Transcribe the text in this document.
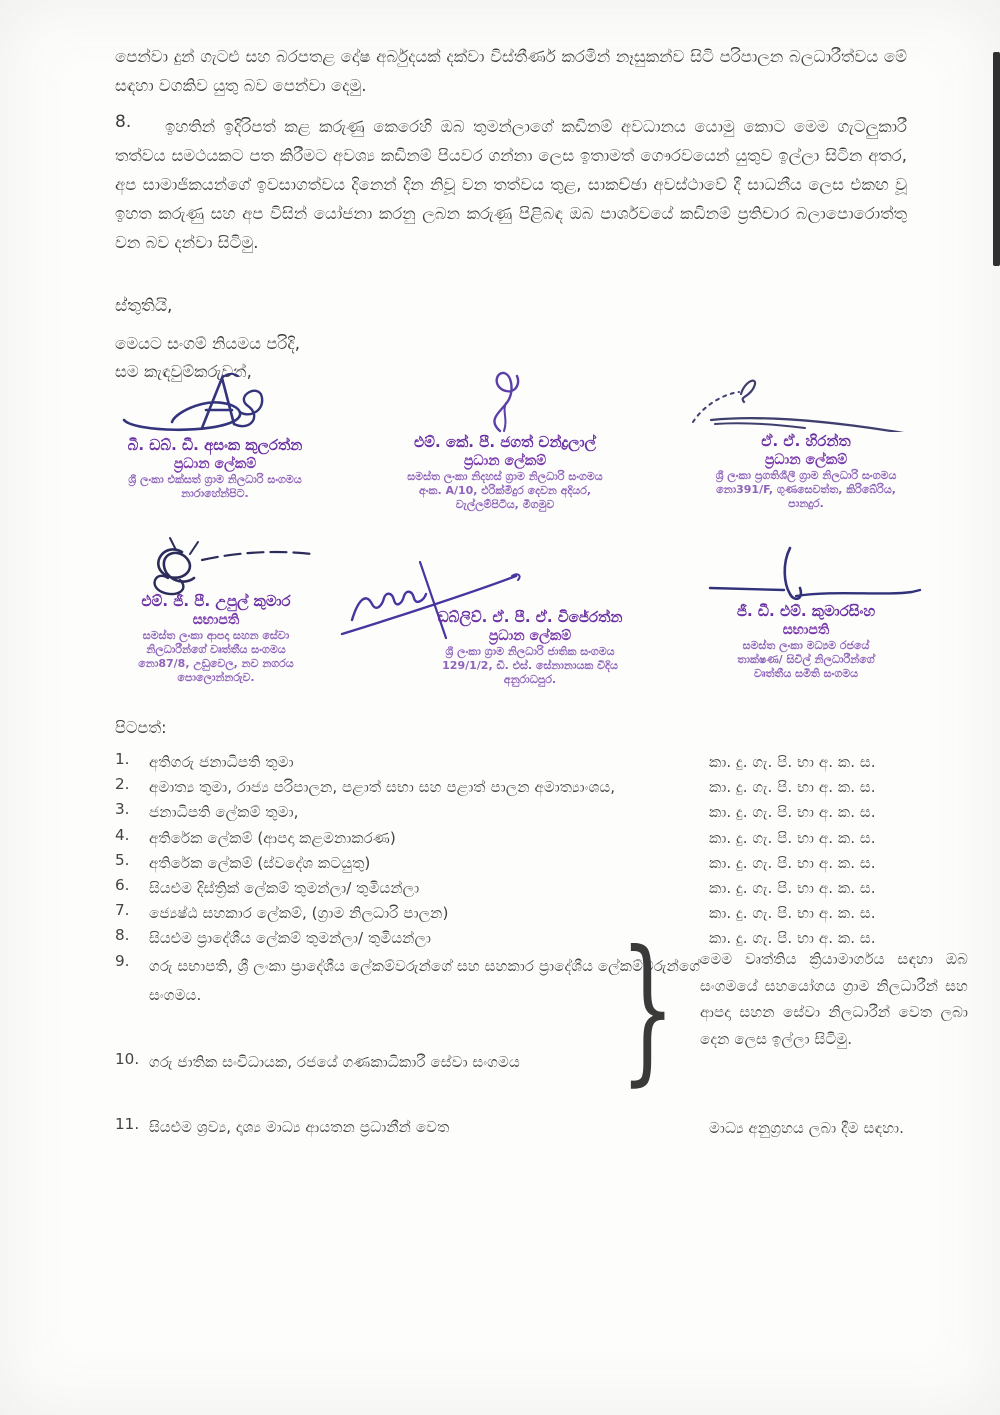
පෙන්වා දුන් ගැටළු සහ බරපතළ දෝෂ අර්බුදයක් දක්වා විස්තීර්ණ කරමින් නෑසුකන්ව සිටි පරිපාලන බලධාරීත්වය මේ සඳහා වගකිව යුතු බව පෙන්වා දෙමු.
8.	ඉහතින් ඉදිරිපත් කළ කරුණු කෙරෙහි ඔබ තුමන්ලාගේ කඩිනම් අවධානය යොමු කොට මෙම ගැටලුකාරී තත්වය සමථයකට පත කිරීමට අවශ්‍ය කඩිනම් පියවර ගන්නා ලෙස ඉතාමත් ගෞරවයෙන් යුතුව ඉල්ලා සිටින අතර, අප සාමාජිකයන්ගේ ඉවසාගත්වය දිනෙන් දින නිවූ වන තත්වය තුළ, සාකච්ඡා අවස්ථාවේ දී සාධනීය ලෙස එකඟ වූ ඉහත කරුණු සහ අප විසින් යෝජනා කරනු ලබන කරුණු පිළිබඳ ඔබ පාර්ශවයේ කඩිනම් ප්‍රතිචාර බලාපොරොත්තු වන බව දන්වා සිටිමු.
ස්තුතියි,
මෙයට සංගම් නියමය පරිදි,
සම කැඳවුම්කරුවන්,
බී. ඩබ්. ඩී. අසංක කුලරත්න
ප්‍රධාන ලේකම්
ශ්‍රී ලංකා එක්සත් ග්‍රාම නිලධාරි සංගමය
නාරාහේන්පිට.
එම්. කේ. පී. ජගත් චන්ද්‍රලාල්
ප්‍රධාන ලේකම්
සමස්ත ලංකා නිදහස් ග්‍රාම නිලධාරි සංගමය
අංක. A/10, එරික්මිදුර දෙවන අදියර,
වැල්ලම්පිටිය, මීගමුව
ඒ. ඒ. හිරන්ත
ප්‍රධාන ලේකම්
ශ්‍රී ලංකා ප්‍රගතිශීලී ග්‍රාම නිලධාරි සංගමය
නො391/F, ගුණසෙවත්ත, කිරිබේරිය,
පානදුර.
එම්. ජී. පී. උපුල් කුමාර
සභාපති
සමස්ත ලංකා ආපදා සහන සේවා
නිලධාරීන්ගේ වෘත්තීය සංගමය
නො87/8, උඩුවෙල, නව නගරය
පොලොන්නරුව.
ඩබ්ලිව්. ඒ. පී. ඒ. විජේරත්න
ප්‍රධාන ලේකම්
ශ්‍රී ලංකා ග්‍රාම නිලධාරි ජාතික සංගමය
129/1/2, ඩී. එස්. සේනානායක වීදිය
අනුරාධපුර.
ජී. ඩී. එම්. කුමාරසිංහ
සභාපති
සමස්ත ලංකා මධ්‍යම රජයේ
තාක්ෂණ/ සිවිල් නිලධාරීන්ගේ
වෘත්තීය සමිති සංගමය
පිටපත්:
1.	අතිගරු ජනාධිපති තුමා	කා. දු. ගැ. පි. භා අ. ක. ස.
2.	අමාත්‍ය තුමා, රාජ්‍ය පරිපාලන, පළාත් සභා සහ පළාත් පාලන අමාත්‍යාංශය,	කා. දු. ගැ. පි. භා අ. ක. ස.
3.	ජනාධිපති ලේකම් තුමා,	කා. දු. ගැ. පි. භා අ. ක. ස.
4.	අතිරේක ලේකම් (ආපදා කළමනාකරණ)	කා. දු. ගැ. පි. භා අ. ක. ස.
5.	අතිරේක ලේකම් (ස්වදේශ කටයුතු)	කා. දු. ගැ. පි. භා අ. ක. ස.
6.	සියළුම දිස්ත්‍රික් ලේකම් තුමන්ලා/ තුමියන්ලා	කා. දු. ගැ. පි. භා අ. ක. ස.
7.	ජ්‍යෙෂ්ඨ සහකාර ලේකම්, (ග්‍රාම නිලධාරි පාලන)	කා. දු. ගැ. පි. භා අ. ක. ස.
8.	සියළුම ප්‍රාදේශීය ලේකම් තුමන්ලා/ තුමියන්ලා	කා. දු. ගැ. පි. භා අ. ක. ස.
9.	ගරු සභාපති, ශ්‍රී ලංකා ප්‍රාදේශීය ලේකම්වරුන්ගේ සහ සහකාර ප්‍රාදේශීය ලේකම්වරුන්ගේ සංගමය.
10. ගරු ජාතික සංවිධායක, රජයේ ගණකාධිකාරී සේවා සංගමය
11. සියළුම ශ්‍රව්‍ය, දෘශ්‍ය මාධ්‍ය ආයතන ප්‍රධානීන් වෙත	මාධ්‍ය අනුග්‍රහය ලබා දීම සඳහා.
} මෙම වෘත්තිය ක්‍රියාමාර්ගය සඳහා ඔබ සංගමයේ සහයෝගය ග්‍රාම නිලධාරීන් සහ ආපදා සහන සේවා නිලධාරීන් වෙත ලබා දෙන ලෙස ඉල්ලා සිටිමු.
